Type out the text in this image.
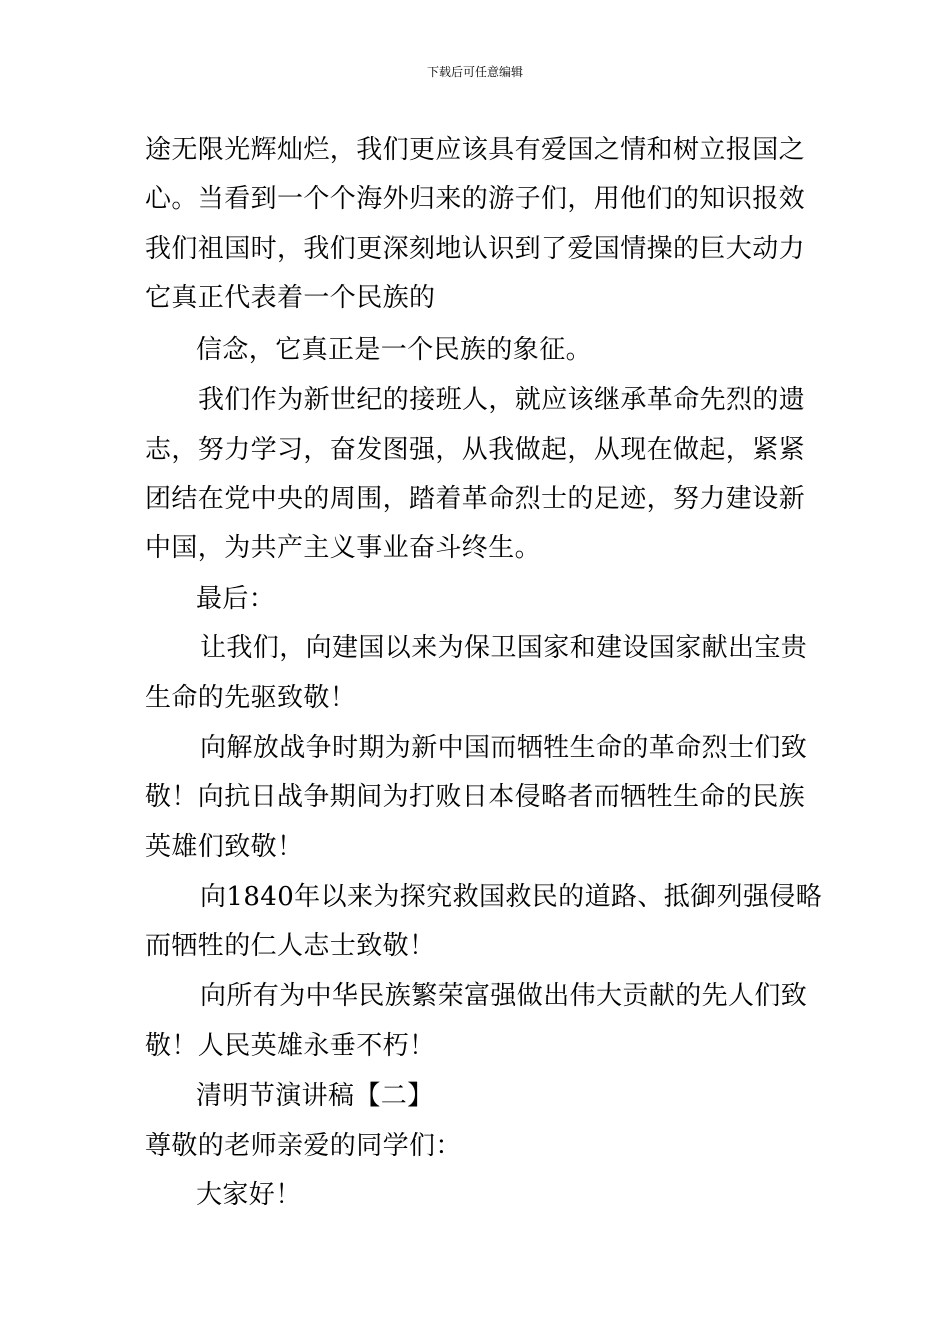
下载后可任意编辑
途无限光辉灿烂，我们更应该具有爱国之情和树立报国之
心。当看到一个个海外归来的游子们，用他们的知识报效
我们祖国时，我们更深刻地认识到了爱国情操的巨大动力
它真正代表着一个民族的
信念，它真正是一个民族的象征。
我们作为新世纪的接班人，就应该继承革命先烈的遗
志，努力学习，奋发图强，从我做起，从现在做起，紧紧
团结在党中央的周围，踏着革命烈士的足迹，努力建设新
中国，为共产主义事业奋斗终生。
最后：
让我们，向建国以来为保卫国家和建设国家献出宝贵
生命的先驱致敬！
向解放战争时期为新中国而牺牲生命的革命烈士们致
敬！向抗日战争期间为打败日本侵略者而牺牲生命的民族
英雄们致敬！
向1840年以来为探究救国救民的道路、抵御列强侵略
而牺牲的仁人志士致敬！
向所有为中华民族繁荣富强做出伟大贡献的先人们致
敬！人民英雄永垂不朽！
清明节演讲稿【二】
尊敬的老师亲爱的同学们：
大家好！
